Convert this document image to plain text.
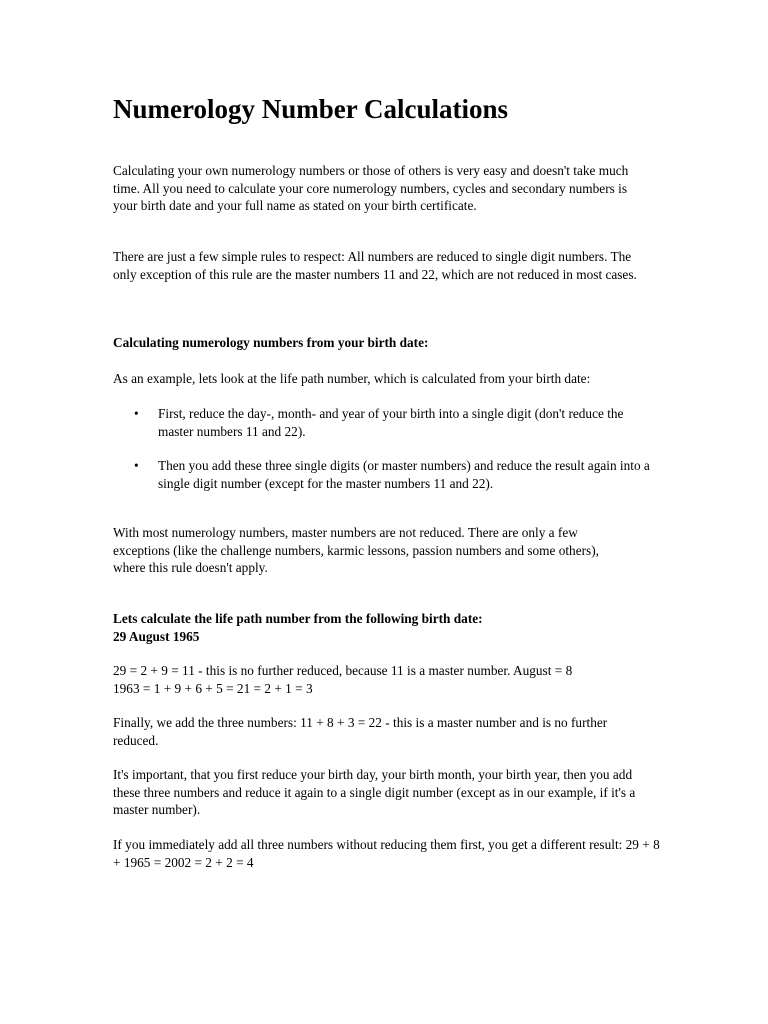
Numerology Number Calculations

Calculating your own numerology numbers or those of others is very easy and doesn't take much time. All you need to calculate your core numerology numbers, cycles and secondary numbers is your birth date and your full name as stated on your birth certificate.

There are just a few simple rules to respect: All numbers are reduced to single digit numbers. The only exception of this rule are the master numbers 11 and 22, which are not reduced in most cases.

Calculating numerology numbers from your birth date:

As an example, lets look at the life path number, which is calculated from your birth date:

• First, reduce the day-, month- and year of your birth into a single digit (don't reduce the master numbers 11 and 22).
• Then you add these three single digits (or master numbers) and reduce the result again into a single digit number (except for the master numbers 11 and 22).

With most numerology numbers, master numbers are not reduced. There are only a few exceptions (like the challenge numbers, karmic lessons, passion numbers and some others), where this rule doesn't apply.

Lets calculate the life path number from the following birth date:
29 August 1965
29 = 2 + 9 = 11 - this is no further reduced, because 11 is a master number. August = 8
1963 = 1 + 9 + 6 + 5 = 21 = 2 + 1 = 3

Finally, we add the three numbers: 11 + 8 + 3 = 22 - this is a master number and is no further reduced.

It's important, that you first reduce your birth day, your birth month, your birth year, then you add these three numbers and reduce it again to a single digit number (except as in our example, if it's a master number).

If you immediately add all three numbers without reducing them first, you get a different result: 29 + 8 + 1965 = 2002 = 2 + 2 = 4
